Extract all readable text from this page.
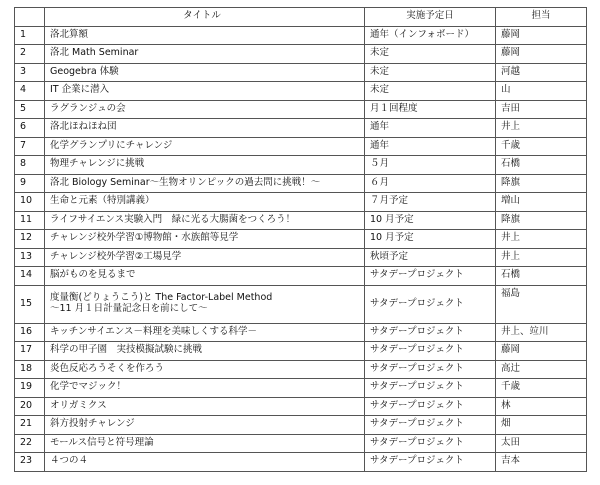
	タイトル	実施予定日	担当
1	洛北算額	通年（インフォボード）	藤岡
2	洛北 Math Seminar	未定	藤岡
3	Geogebra 体験	未定	河越
4	IT 企業に潜入	未定	山
5	ラグランジュの会	月１回程度	吉田
6	洛北ほねほね団	通年	井上
7	化学グランプリにチャレンジ	通年	千歳
8	物理チャレンジに挑戦	５月	石橋
9	洛北 Biology Seminar～生物オリンピックの過去問に挑戦！～	６月	降旗
10	生命と元素（特別講義）	７月予定	増山
11	ライフサイエンス実験入門　緑に光る大腸菌をつくろう！	10 月予定	降旗
12	チャレンジ校外学習①博物館・水族館等見学	10 月予定	井上
13	チャレンジ校外学習②工場見学	秋頃予定	井上
14	脳がものを見るまで	サタデープロジェクト	石橋
15	度量衡(どりょうこう)と The Factor-Label Method
～11 月１日計量記念日を前にして～	サタデープロジェクト	福島
16	キッチンサイエンス－料理を美味しくする科学－	サタデープロジェクト	井上、竝川
17	科学の甲子園　実技模擬試験に挑戦	サタデープロジェクト	藤岡
18	炎色反応ろうそくを作ろう	サタデープロジェクト	高辻
19	化学でマジック！	サタデープロジェクト	千歳
20	オリガミクス	サタデープロジェクト	林
21	斜方投射チャレンジ	サタデープロジェクト	畑
22	モールス信号と符号理論	サタデープロジェクト	太田
23	４つの４	サタデープロジェクト	吉本
